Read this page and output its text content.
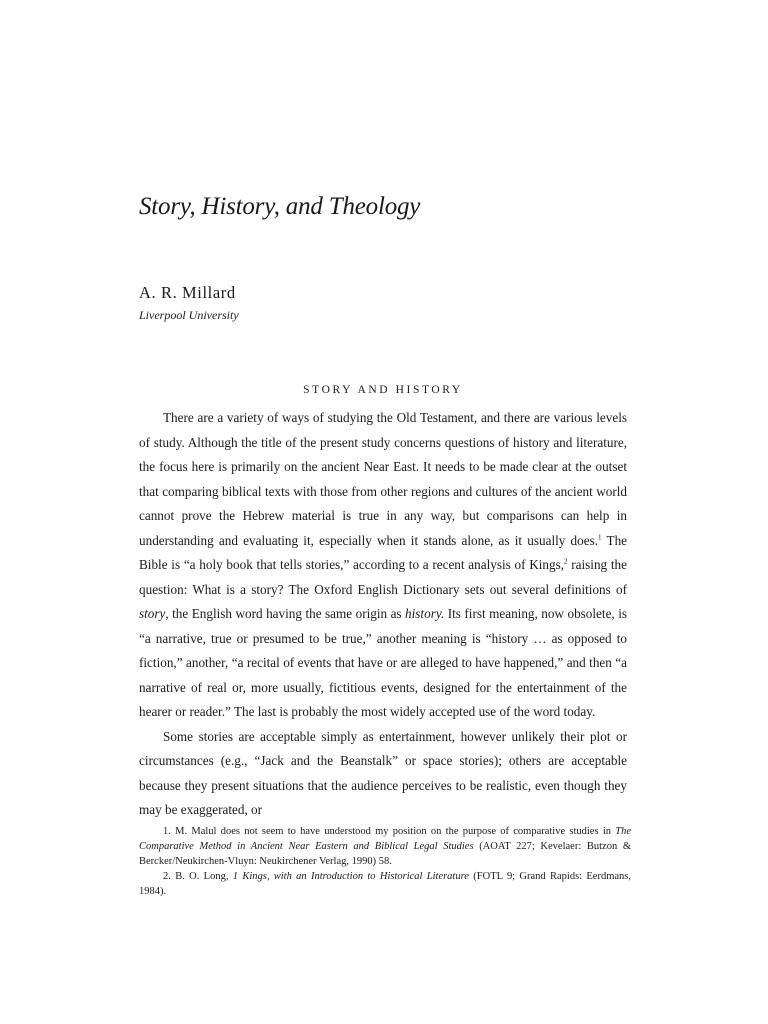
Story, History, and Theology
A. R. Millard
Liverpool University
STORY AND HISTORY

There are a variety of ways of studying the Old Testament, and there are various levels of study. Although the title of the present study concerns questions of history and literature, the focus here is primarily on the ancient Near East. It needs to be made clear at the outset that comparing biblical texts with those from other regions and cultures of the ancient world cannot prove the Hebrew material is true in any way, but comparisons can help in understanding and evaluating it, especially when it stands alone, as it usually does.$^1$ The Bible is “a holy book that tells stories,” according to a recent analysis of Kings,$^2$ raising the question: What is a story? The Oxford English Dictionary sets out several definitions of story, the English word having the same origin as history. Its first meaning, now obsolete, is “a narrative, true or presumed to be true,” another meaning is “history … as opposed to fiction,” another, “a recital of events that have or are alleged to have happened,” and then “a narrative of real or, more usually, fictitious events, designed for the entertainment of the hearer or reader.” The last is probably the most widely accepted use of the word today.

Some stories are acceptable simply as entertainment, however unlikely their plot or circumstances (e.g., “Jack and the Beanstalk” or space stories); others are acceptable because they present situations that the audience perceives to be realistic, even though they may be exaggerated, or

1. M. Malul does not seem to have understood my position on the purpose of comparative studies in The Comparative Method in Ancient Near Eastern and Biblical Legal Studies (AOAT 227; Kevelaer: Butzon & Bercker/Neukirchen-Vluyn: Neukirchener Verlag, 1990) 58.

2. B. O. Long, 1 Kings, with an Introduction to Historical Literature (FOTL 9; Grand Rapids: Eerdmans, 1984).
